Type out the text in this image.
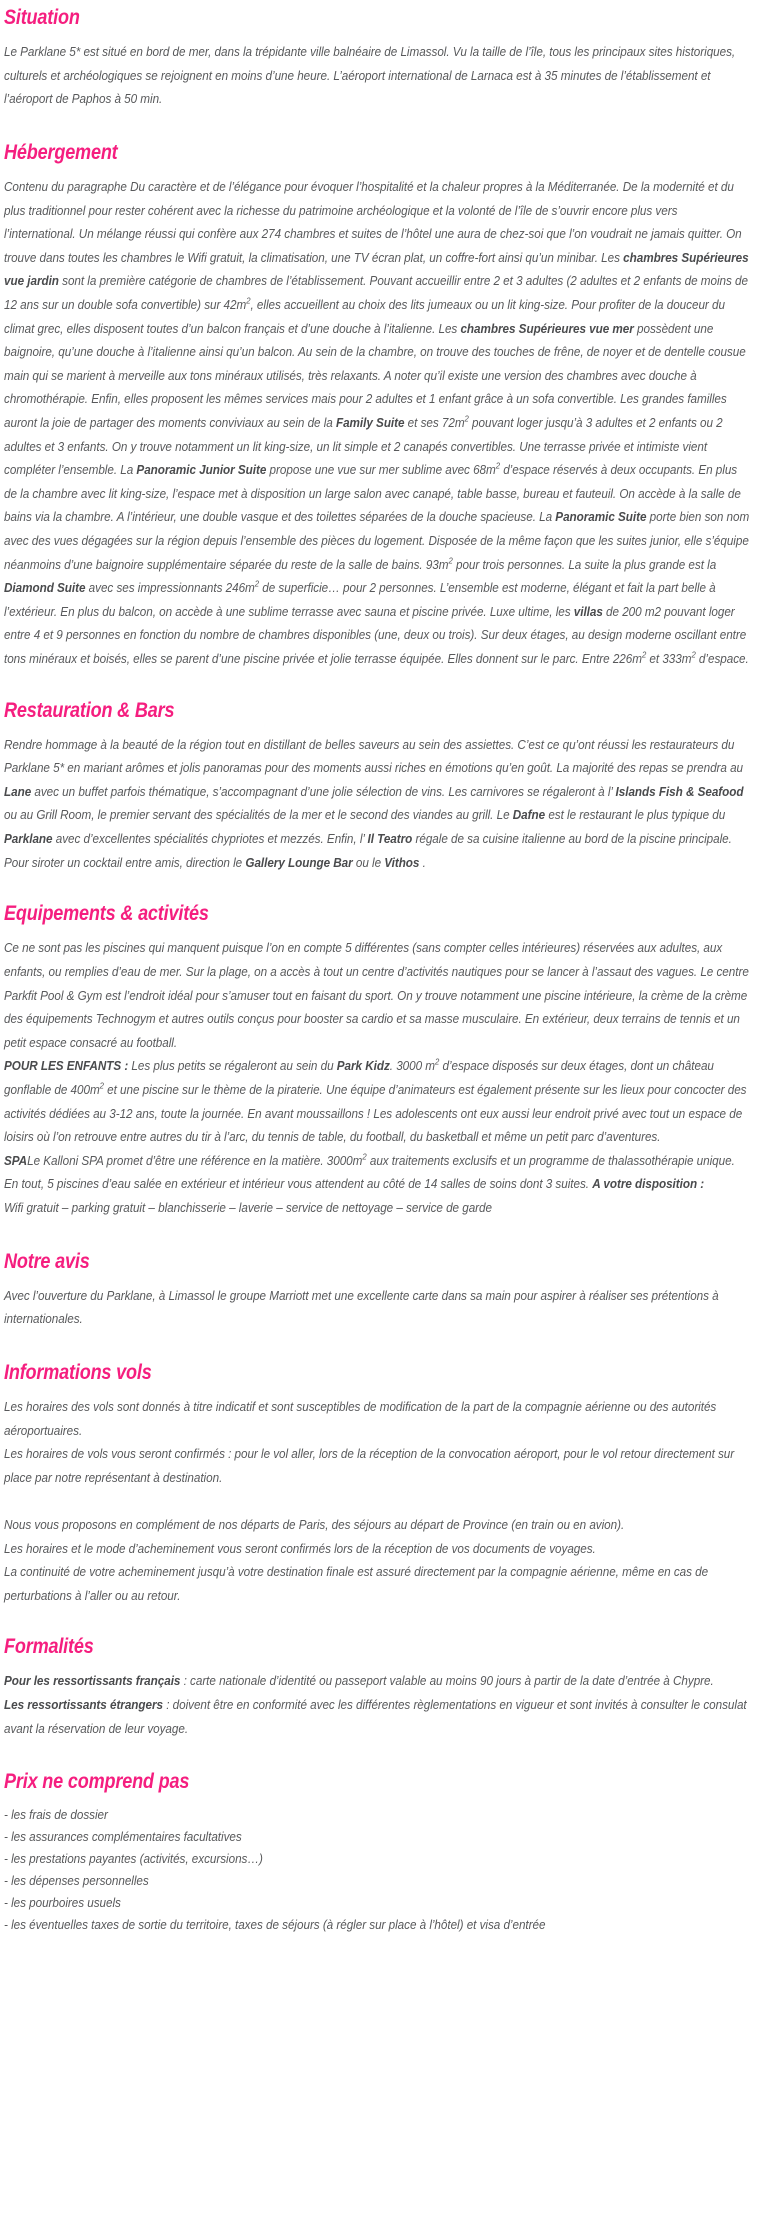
Situation

Le Parklane 5* est situé en bord de mer, dans la trépidante ville balnéaire de Limassol. Vu la taille de l’île, tous les principaux sites historiques, culturels et archéologiques se rejoignent en moins d’une heure. L’aéroport international de Larnaca est à 35 minutes de l’établissement et l’aéroport de Paphos à 50 min.

Hébergement

Contenu du paragraphe Du caractère et de l’élégance pour évoquer l’hospitalité et la chaleur propres à la Méditerranée. De la modernité et du plus traditionnel pour rester cohérent avec la richesse du patrimoine archéologique et la volonté de l’île de s’ouvrir encore plus vers l’international. Un mélange réussi qui confère aux 274 chambres et suites de l’hôtel une aura de chez-soi que l’on voudrait ne jamais quitter. On trouve dans toutes les chambres le Wifi gratuit, la climatisation, une TV écran plat, un coffre-fort ainsi qu’un minibar. Les chambres Supérieures vue jardin sont la première catégorie de chambres de l’établissement. Pouvant accueillir entre 2 et 3 adultes (2 adultes et 2 enfants de moins de 12 ans sur un double sofa convertible) sur $42m^2$, elles accueillent au choix des lits jumeaux ou un lit king-size. Pour profiter de la douceur du climat grec, elles disposent toutes d’un balcon français et d’une douche à l’italienne. Les chambres Supérieures vue mer possèdent une baignoire, qu’une douche à l’italienne ainsi qu’un balcon. Au sein de la chambre, on trouve des touches de frêne, de noyer et de dentelle cousue main qui se marient à merveille aux tons minéraux utilisés, très relaxants. A noter qu’il existe une version des chambres avec douche à chromothérapie. Enfin, elles proposent les mêmes services mais pour 2 adultes et 1 enfant grâce à un sofa convertible. Les grandes familles auront la joie de partager des moments conviviaux au sein de la Family Suite et ses $72m^2$ pouvant loger jusqu’à 3 adultes et 2 enfants ou 2 adultes et 3 enfants. On y trouve notamment un lit king-size, un lit simple et 2 canapés convertibles. Une terrasse privée et intimiste vient compléter l’ensemble. La Panoramic Junior Suite propose une vue sur mer sublime avec $68m^2$ d’espace réservés à deux occupants. En plus de la chambre avec lit king-size, l’espace met à disposition un large salon avec canapé, table basse, bureau et fauteuil. On accède à la salle de bains via la chambre. A l’intérieur, une double vasque et des toilettes séparées de la douche spacieuse. La Panoramic Suite porte bien son nom avec des vues dégagées sur la région depuis l’ensemble des pièces du logement. Disposée de la même façon que les suites junior, elle s’équipe néanmoins d’une baignoire supplémentaire séparée du reste de la salle de bains. $93m^2$ pour trois personnes. La suite la plus grande est la Diamond Suite avec ses impressionnants $246m^2$ de superficie… pour 2 personnes. L’ensemble est moderne, élégant et fait la part belle à l’extérieur. En plus du balcon, on accède à une sublime terrasse avec sauna et piscine privée. Luxe ultime, les villas de 200 m2 pouvant loger entre 4 et 9 personnes en fonction du nombre de chambres disponibles (une, deux ou trois). Sur deux étages, au design moderne oscillant entre tons minéraux et boisés, elles se parent d’une piscine privée et jolie terrasse équipée. Elles donnent sur le parc. Entre $226m^2$ et $333m^2$ d’espace.

Restauration & Bars

Rendre hommage à la beauté de la région tout en distillant de belles saveurs au sein des assiettes. C’est ce qu’ont réussi les restaurateurs du Parklane 5* en mariant arômes et jolis panoramas pour des moments aussi riches en émotions qu’en goût. La majorité des repas se prendra au Lane avec un buffet parfois thématique, s’accompagnant d’une jolie sélection de vins. Les carnivores se régaleront à l’ Islands Fish & Seafood ou au Grill Room, le premier servant des spécialités de la mer et le second des viandes au grill. Le Dafne est le restaurant le plus typique du Parklane avec d’excellentes spécialités chypriotes et mezzés. Enfin, l’ Il Teatro régale de sa cuisine italienne au bord de la piscine principale. Pour siroter un cocktail entre amis, direction le Gallery Lounge Bar ou le Vithos .

Equipements & activités

Ce ne sont pas les piscines qui manquent puisque l’on en compte 5 différentes (sans compter celles intérieures) réservées aux adultes, aux enfants, ou remplies d’eau de mer. Sur la plage, on a accès à tout un centre d’activités nautiques pour se lancer à l’assaut des vagues. Le centre Parkfit Pool & Gym est l’endroit idéal pour s’amuser tout en faisant du sport. On y trouve notamment une piscine intérieure, la crème de la crème des équipements Technogym et autres outils conçus pour booster sa cardio et sa masse musculaire. En extérieur, deux terrains de tennis et un petit espace consacré au football.
POUR LES ENFANTS : Les plus petits se régaleront au sein du Park Kidz. 3000 $m^2$ d’espace disposés sur deux étages, dont un château gonflable de $400m^2$ et une piscine sur le thème de la piraterie. Une équipe d’animateurs est également présente sur les lieux pour concocter des activités dédiées au 3-12 ans, toute la journée. En avant moussaillons ! Les adolescents ont eux aussi leur endroit privé avec tout un espace de loisirs où l’on retrouve entre autres du tir à l’arc, du tennis de table, du football, du basketball et même un petit parc d’aventures.
SPALe Kalloni SPA promet d’être une référence en la matière. $3000m^2$ aux traitements exclusifs et un programme de thalassothérapie unique. En tout, 5 piscines d’eau salée en extérieur et intérieur vous attendent au côté de 14 salles de soins dont 3 suites. A votre disposition :
Wifi gratuit – parking gratuit – blanchisserie – laverie – service de nettoyage – service de garde

Notre avis

Avec l’ouverture du Parklane, à Limassol le groupe Marriott met une excellente carte dans sa main pour aspirer à réaliser ses prétentions à internationales.

Informations vols

Les horaires des vols sont donnés à titre indicatif et sont susceptibles de modification de la part de la compagnie aérienne ou des autorités aéroportuaires.
Les horaires de vols vous seront confirmés : pour le vol aller, lors de la réception de la convocation aéroport, pour le vol retour directement sur place par notre représentant à destination.

Nous vous proposons en complément de nos départs de Paris, des séjours au départ de Province (en train ou en avion).
Les horaires et le mode d’acheminement vous seront confirmés lors de la réception de vos documents de voyages.
La continuité de votre acheminement jusqu’à votre destination finale est assuré directement par la compagnie aérienne, même en cas de perturbations à l’aller ou au retour.

Formalités

Pour les ressortissants français : carte nationale d’identité ou passeport valable au moins 90 jours à partir de la date d’entrée à Chypre.
Les ressortissants étrangers : doivent être en conformité avec les différentes règlementations en vigueur et sont invités à consulter le consulat avant la réservation de leur voyage.

Prix ne comprend pas
- les frais de dossier
- les assurances complémentaires facultatives
- les prestations payantes (activités, excursions…)
- les dépenses personnelles
- les pourboires usuels
- les éventuelles taxes de sortie du territoire, taxes de séjours (à régler sur place à l’hôtel) et visa d’entrée
